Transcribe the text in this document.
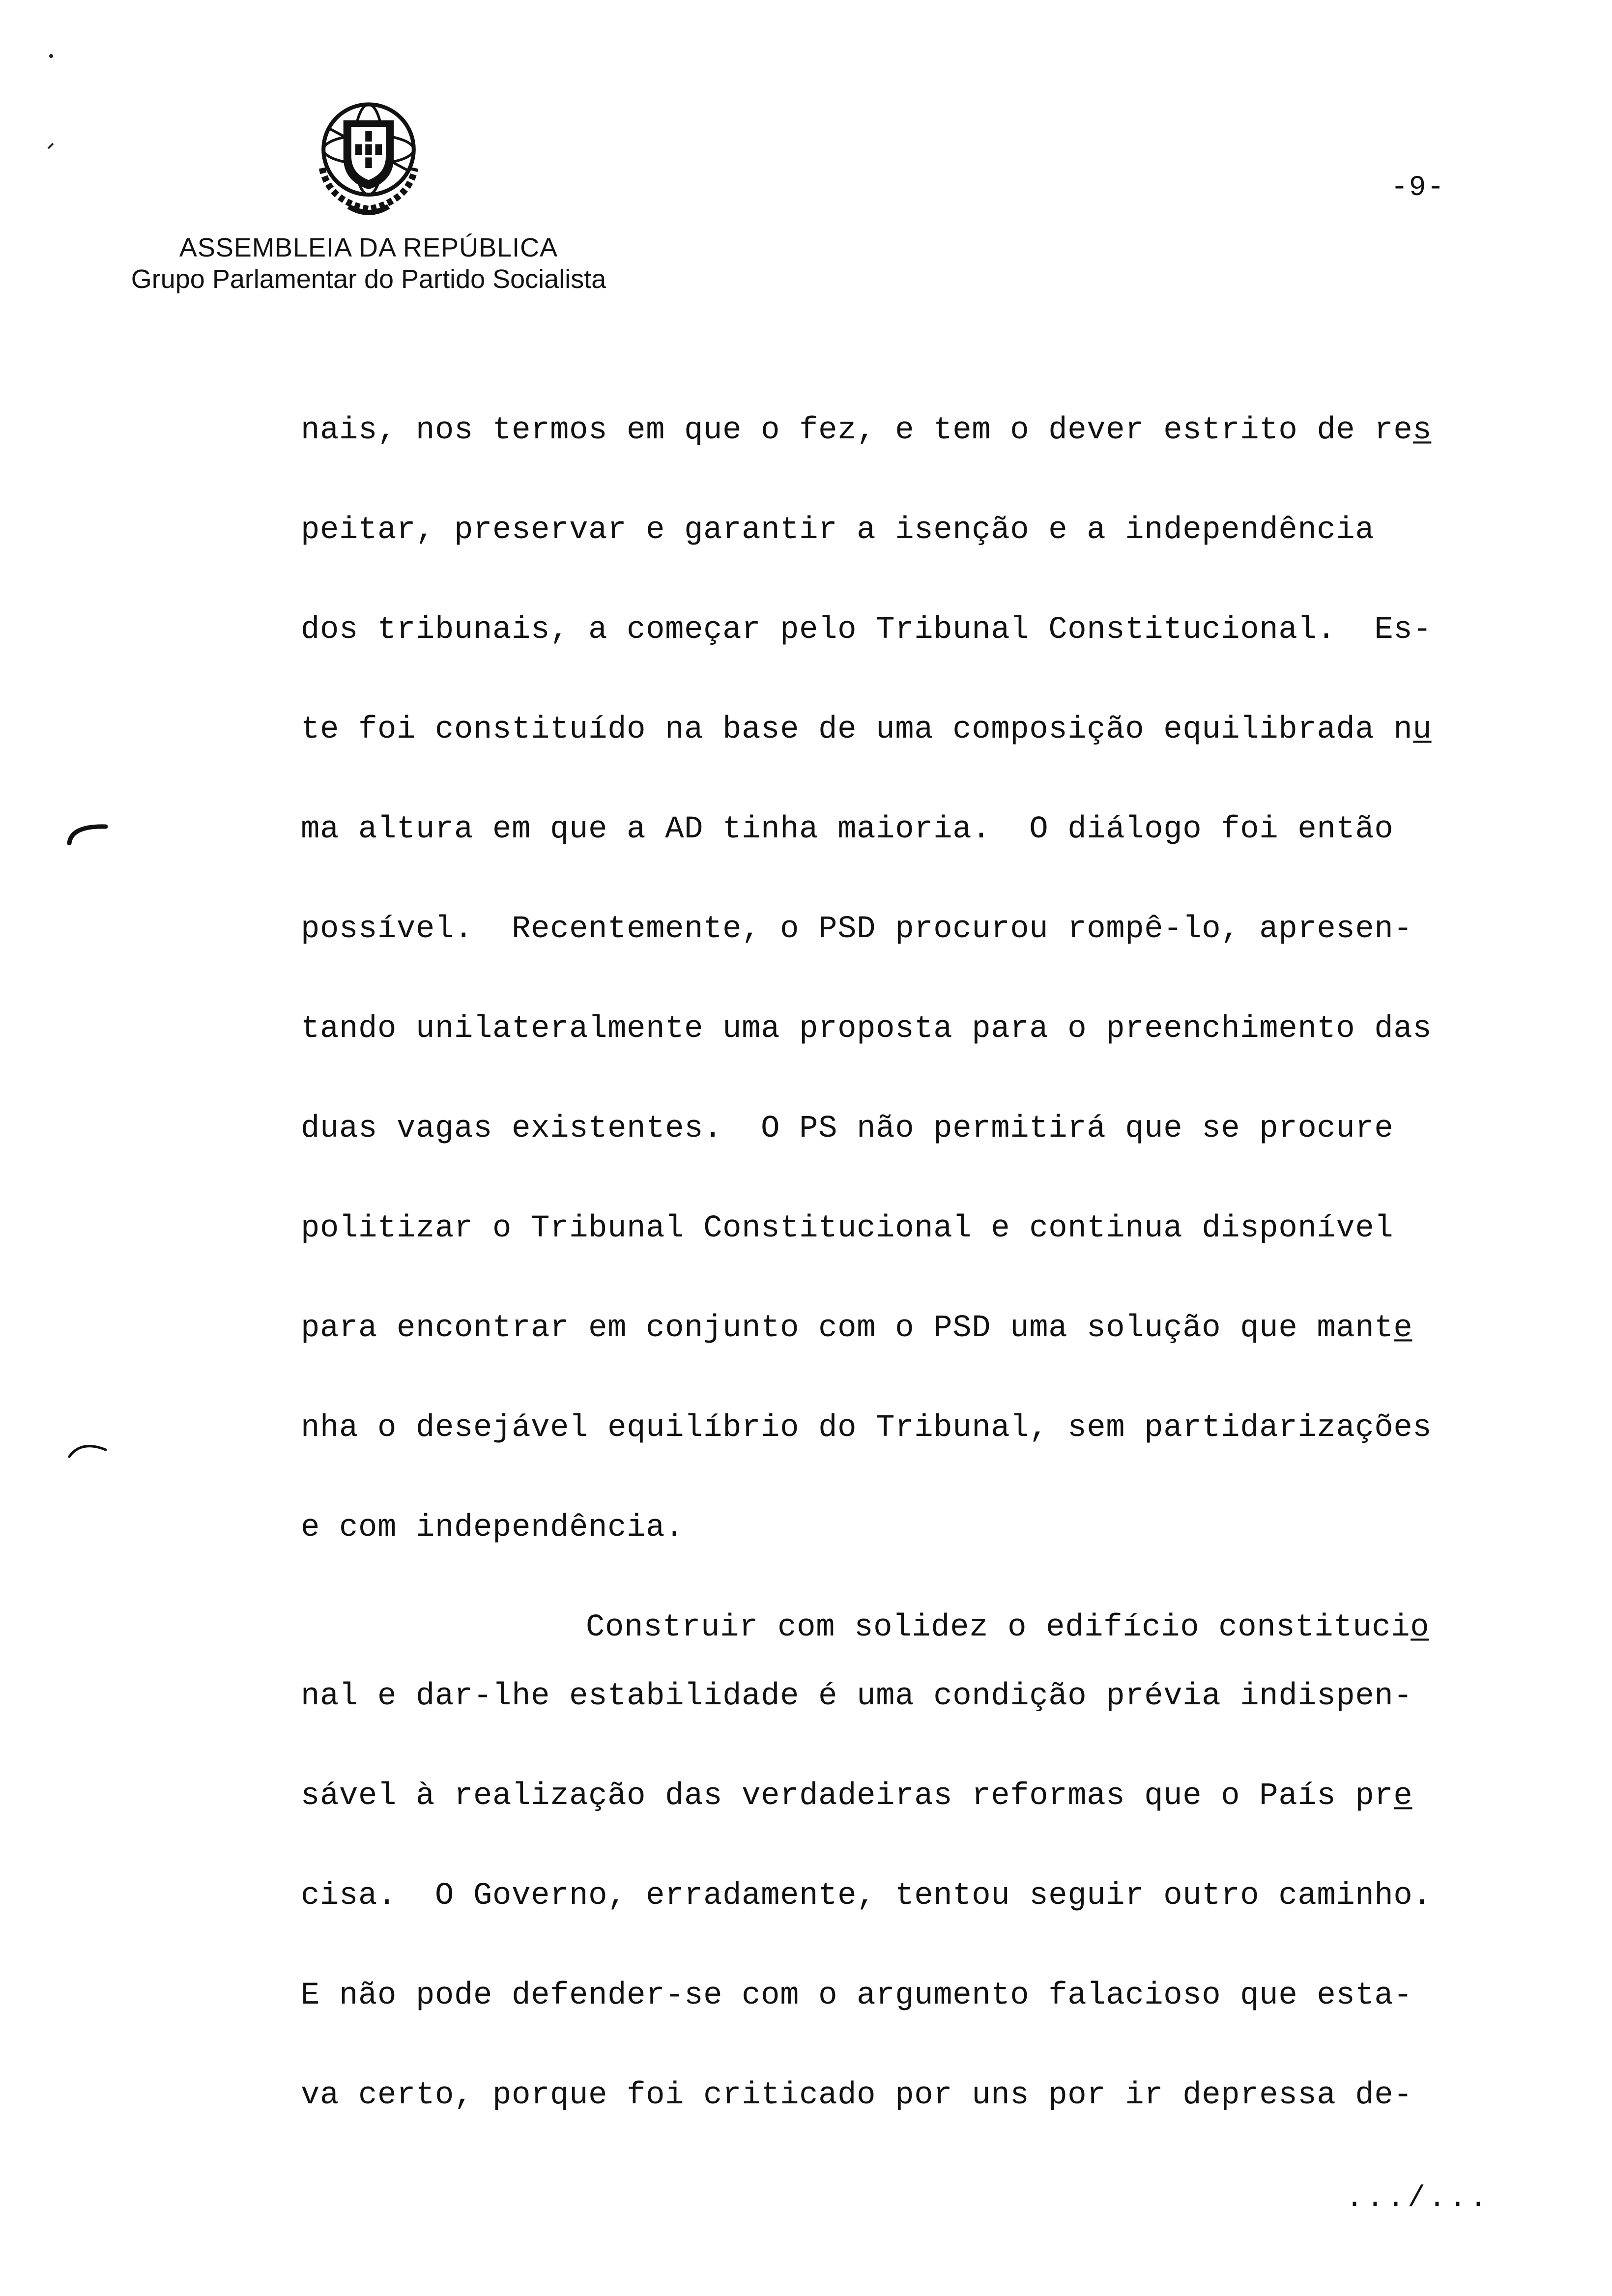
ASSEMBLEIA DA REPÚBLICA
Grupo Parlamentar do Partido Socialista
-9-
nais, nos termos em que o fez, e tem o dever estrito de res̲
peitar, preservar e garantir a isenção e a independência
dos tribunais, a começar pelo Tribunal Constitucional.  Es-
te foi constituído na base de uma composição equilibrada nu̲
ma altura em que a AD tinha maioria.  O diálogo foi então
possível.  Recentemente, o PSD procurou rompê-lo, apresen-
tando unilateralmente uma proposta para o preenchimento das
duas vagas existentes.  O PS não permitirá que se procure
politizar o Tribunal Constitucional e continua disponível
para encontrar em conjunto com o PSD uma solução que mante̲
nha o desejável equilíbrio do Tribunal, sem partidarizações
e com independência.
Construir com solidez o edifício constitucio̲
nal e dar-lhe estabilidade é uma condição prévia indispen-
sável à realização das verdadeiras reformas que o País pre̲
cisa.  O Governo, erradamente, tentou seguir outro caminho.
E não pode defender-se com o argumento falacioso que esta-
va certo, porque foi criticado por uns por ir depressa de-
.../...
